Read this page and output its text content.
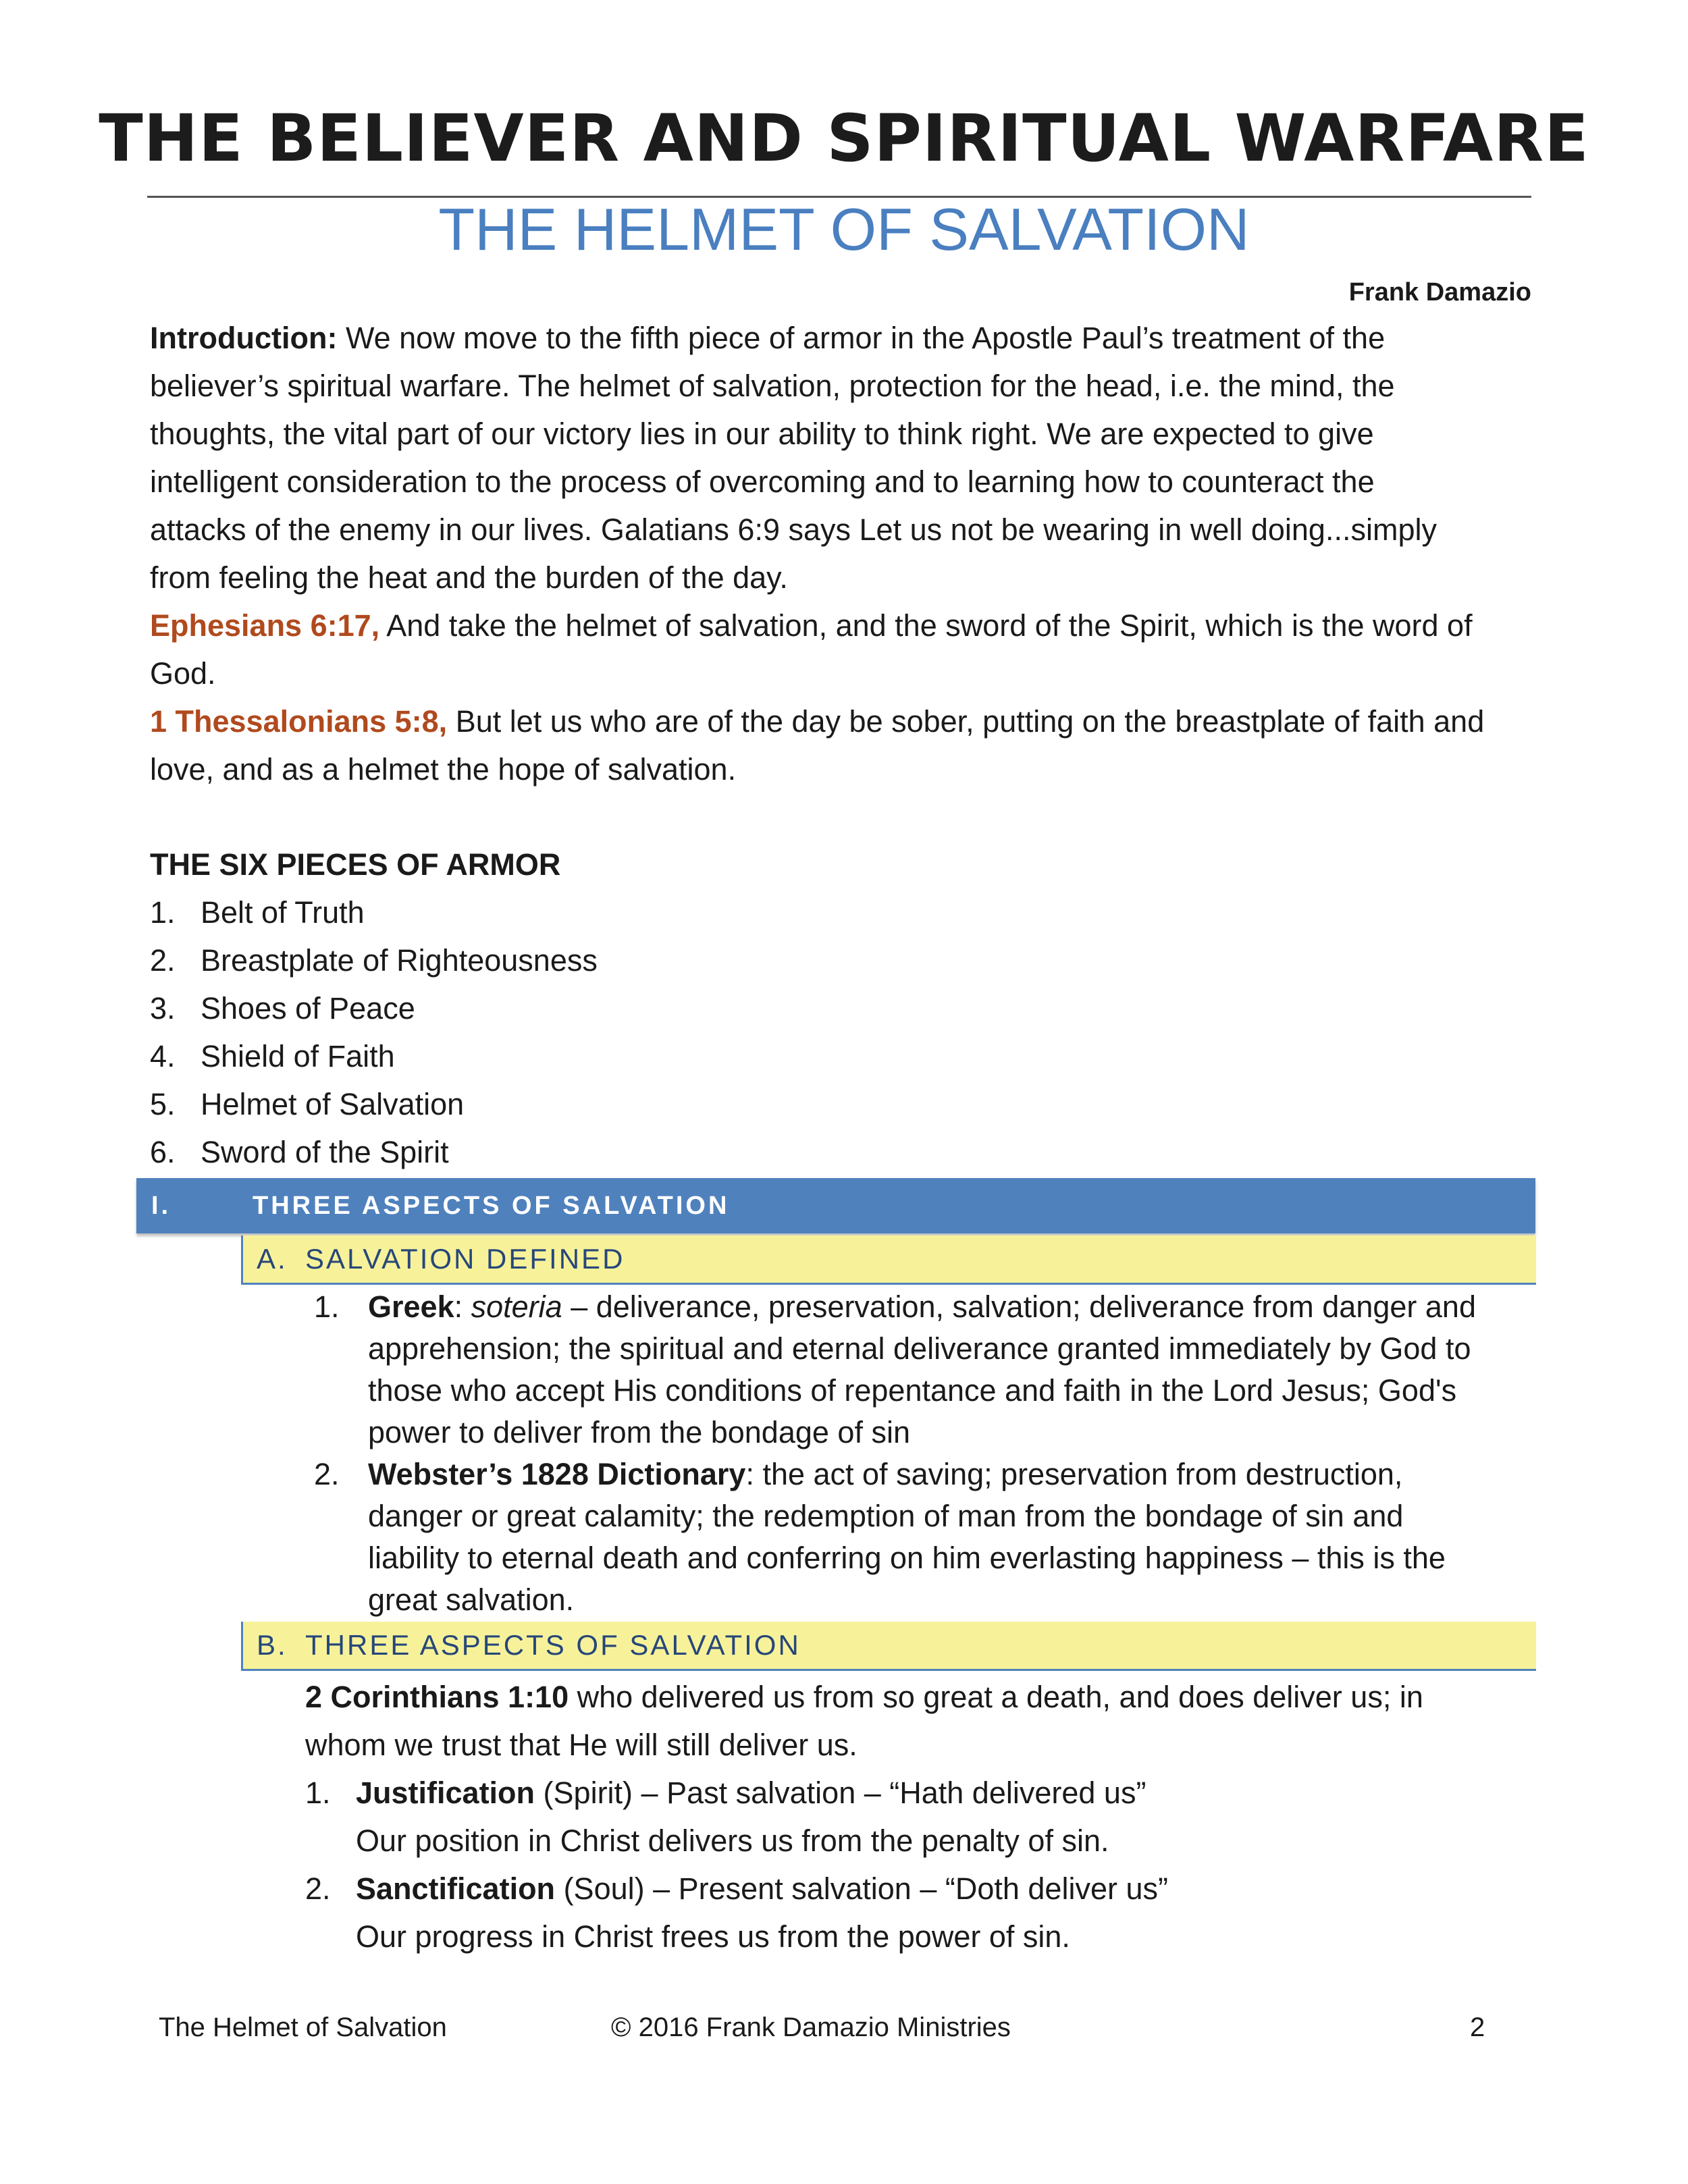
THE BELIEVER AND SPIRITUAL WARFARE
THE HELMET OF SALVATION
Frank Damazio
Introduction: We now move to the fifth piece of armor in the Apostle Paul’s treatment of the
believer’s spiritual warfare. The helmet of salvation, protection for the head, i.e. the mind, the
thoughts, the vital part of our victory lies in our ability to think right. We are expected to give
intelligent consideration to the process of overcoming and to learning how to counteract the
attacks of the enemy in our lives. Galatians 6:9 says Let us not be wearing in well doing...simply
from feeling the heat and the burden of the day.
Ephesians 6:17, And take the helmet of salvation, and the sword of the Spirit, which is the word of
God.
1 Thessalonians 5:8, But let us who are of the day be sober, putting on the breastplate of faith and
love, and as a helmet the hope of salvation.
THE SIX PIECES OF ARMOR
1. Belt of Truth
2. Breastplate of Righteousness
3. Shoes of Peace
4. Shield of Faith
5. Helmet of Salvation
6. Sword of the Spirit
I.	THREE ASPECTS OF SALVATION
A. SALVATION DEFINED
1. Greek: soteria – deliverance, preservation, salvation; deliverance from danger and
apprehension; the spiritual and eternal deliverance granted immediately by God to
those who accept His conditions of repentance and faith in the Lord Jesus; God's
power to deliver from the bondage of sin
2. Webster’s 1828 Dictionary: the act of saving; preservation from destruction,
danger or great calamity; the redemption of man from the bondage of sin and
liability to eternal death and conferring on him everlasting happiness – this is the
great salvation.
B. THREE ASPECTS OF SALVATION
2 Corinthians 1:10 who delivered us from so great a death, and does deliver us; in
whom we trust that He will still deliver us.
1. Justification (Spirit) – Past salvation – “Hath delivered us”
Our position in Christ delivers us from the penalty of sin.
2. Sanctification (Soul) – Present salvation – “Doth deliver us”
Our progress in Christ frees us from the power of sin.
The Helmet of Salvation	© 2016 Frank Damazio Ministries	2
